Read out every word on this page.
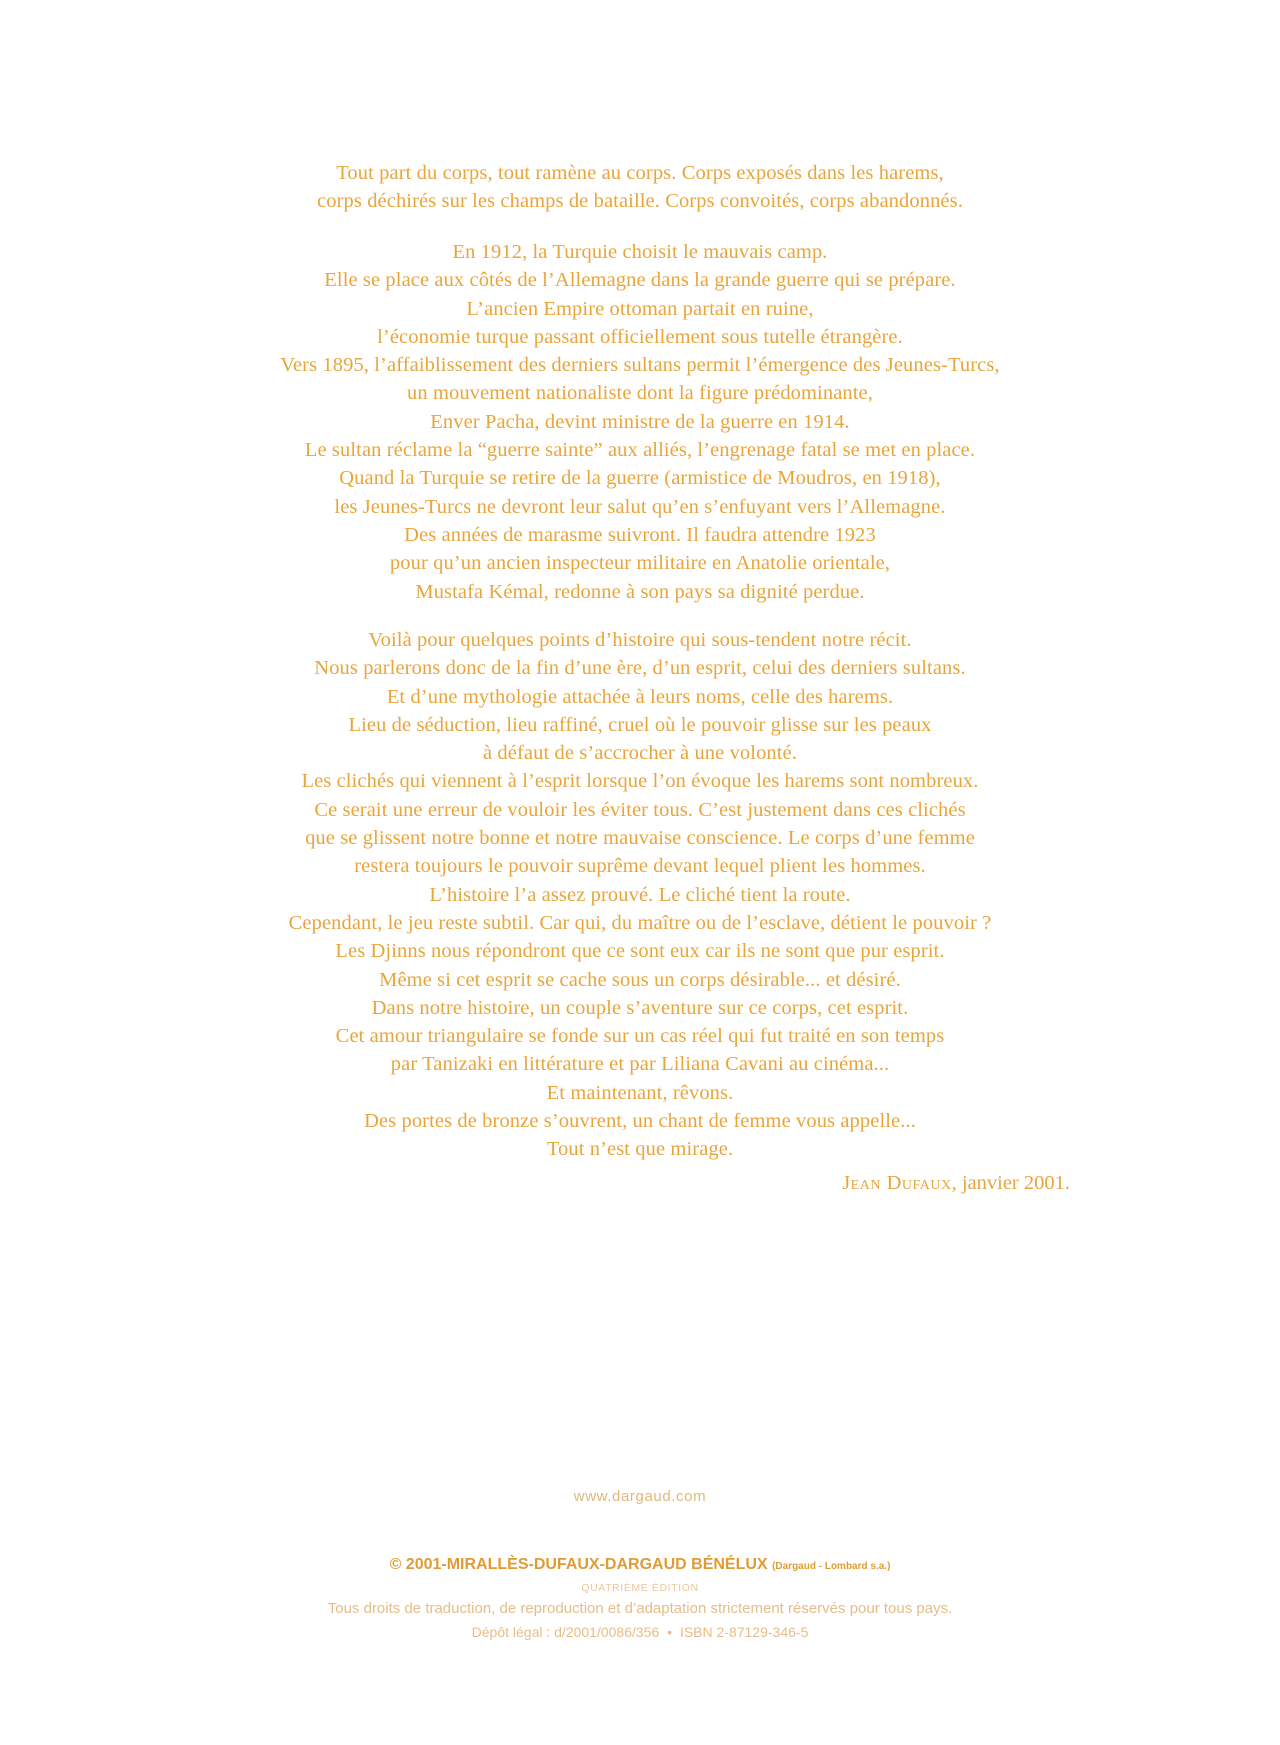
Tout part du corps, tout ramène au corps. Corps exposés dans les harems,
corps déchirés sur les champs de bataille. Corps convoités, corps abandonnés.
En 1912, la Turquie choisit le mauvais camp.
Elle se place aux côtés de l’Allemagne dans la grande guerre qui se prépare.
L’ancien Empire ottoman partait en ruine,
l’économie turque passant officiellement sous tutelle étrangère.
Vers 1895, l’affaiblissement des derniers sultans permit l’émergence des Jeunes-Turcs,
un mouvement nationaliste dont la figure prédominante,
Enver Pacha, devint ministre de la guerre en 1914.
Le sultan réclame la “guerre sainte” aux alliés, l’engrenage fatal se met en place.
Quand la Turquie se retire de la guerre (armistice de Moudros, en 1918),
les Jeunes-Turcs ne devront leur salut qu’en s’enfuyant vers l’Allemagne.
Des années de marasme suivront. Il faudra attendre 1923
pour qu’un ancien inspecteur militaire en Anatolie orientale,
Mustafa Kémal, redonne à son pays sa dignité perdue.
Voilà pour quelques points d’histoire qui sous-tendent notre récit.
Nous parlerons donc de la fin d’une ère, d’un esprit, celui des derniers sultans.
Et d’une mythologie attachée à leurs noms, celle des harems.
Lieu de séduction, lieu raffiné, cruel où le pouvoir glisse sur les peaux
à défaut de s’accrocher à une volonté.
Les clichés qui viennent à l’esprit lorsque l’on évoque les harems sont nombreux.
Ce serait une erreur de vouloir les éviter tous. C’est justement dans ces clichés
que se glissent notre bonne et notre mauvaise conscience. Le corps d’une femme
restera toujours le pouvoir suprême devant lequel plient les hommes.
L’histoire l’a assez prouvé. Le cliché tient la route.
Cependant, le jeu reste subtil. Car qui, du maître ou de l’esclave, détient le pouvoir ?
Les Djinns nous répondront que ce sont eux car ils ne sont que pur esprit.
Même si cet esprit se cache sous un corps désirable... et désiré.
Dans notre histoire, un couple s’aventure sur ce corps, cet esprit.
Cet amour triangulaire se fonde sur un cas réel qui fut traité en son temps
par Tanizaki en littérature et par Liliana Cavani au cinéma...
Et maintenant, rêvons.
Des portes de bronze s’ouvrent, un chant de femme vous appelle...
Tout n’est que mirage.
Jean Dufaux, janvier 2001.
www.dargaud.com
© 2001-MIRALLÈS-DUFAUX-DARGAUD BÉNÉLUX (Dargaud - Lombard s.a.)
QUATRIÈME ÉDITION
Tous droits de traduction, de reproduction et d’adaptation strictement réservés pour tous pays.
Dépôt légal : d/2001/0086/356 • ISBN 2-87129-346-5
